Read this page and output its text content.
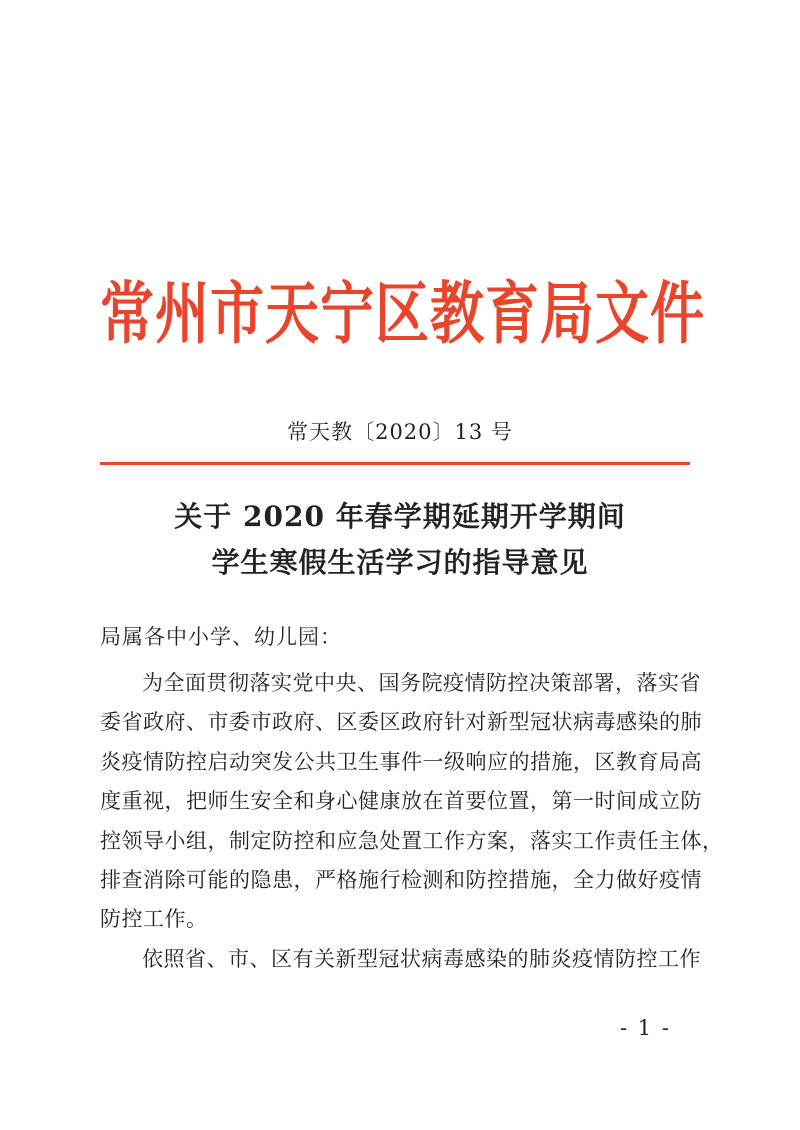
常州市天宁区教育局文件
常天教〔2020〕13 号
关于 2020 年春学期延期开学期间
学生寒假生活学习的指导意见
局属各中小学、幼儿园：
为全面贯彻落实党中央、国务院疫情防控决策部署，落实省
委省政府、市委市政府、区委区政府针对新型冠状病毒感染的肺
炎疫情防控启动突发公共卫生事件一级响应的措施，区教育局高
度重视，把师生安全和身心健康放在首要位置，第一时间成立防
控领导小组，制定防控和应急处置工作方案，落实工作责任主体，
排查消除可能的隐患，严格施行检测和防控措施，全力做好疫情
防控工作。
依照省、市、区有关新型冠状病毒感染的肺炎疫情防控工作
- 1 -
